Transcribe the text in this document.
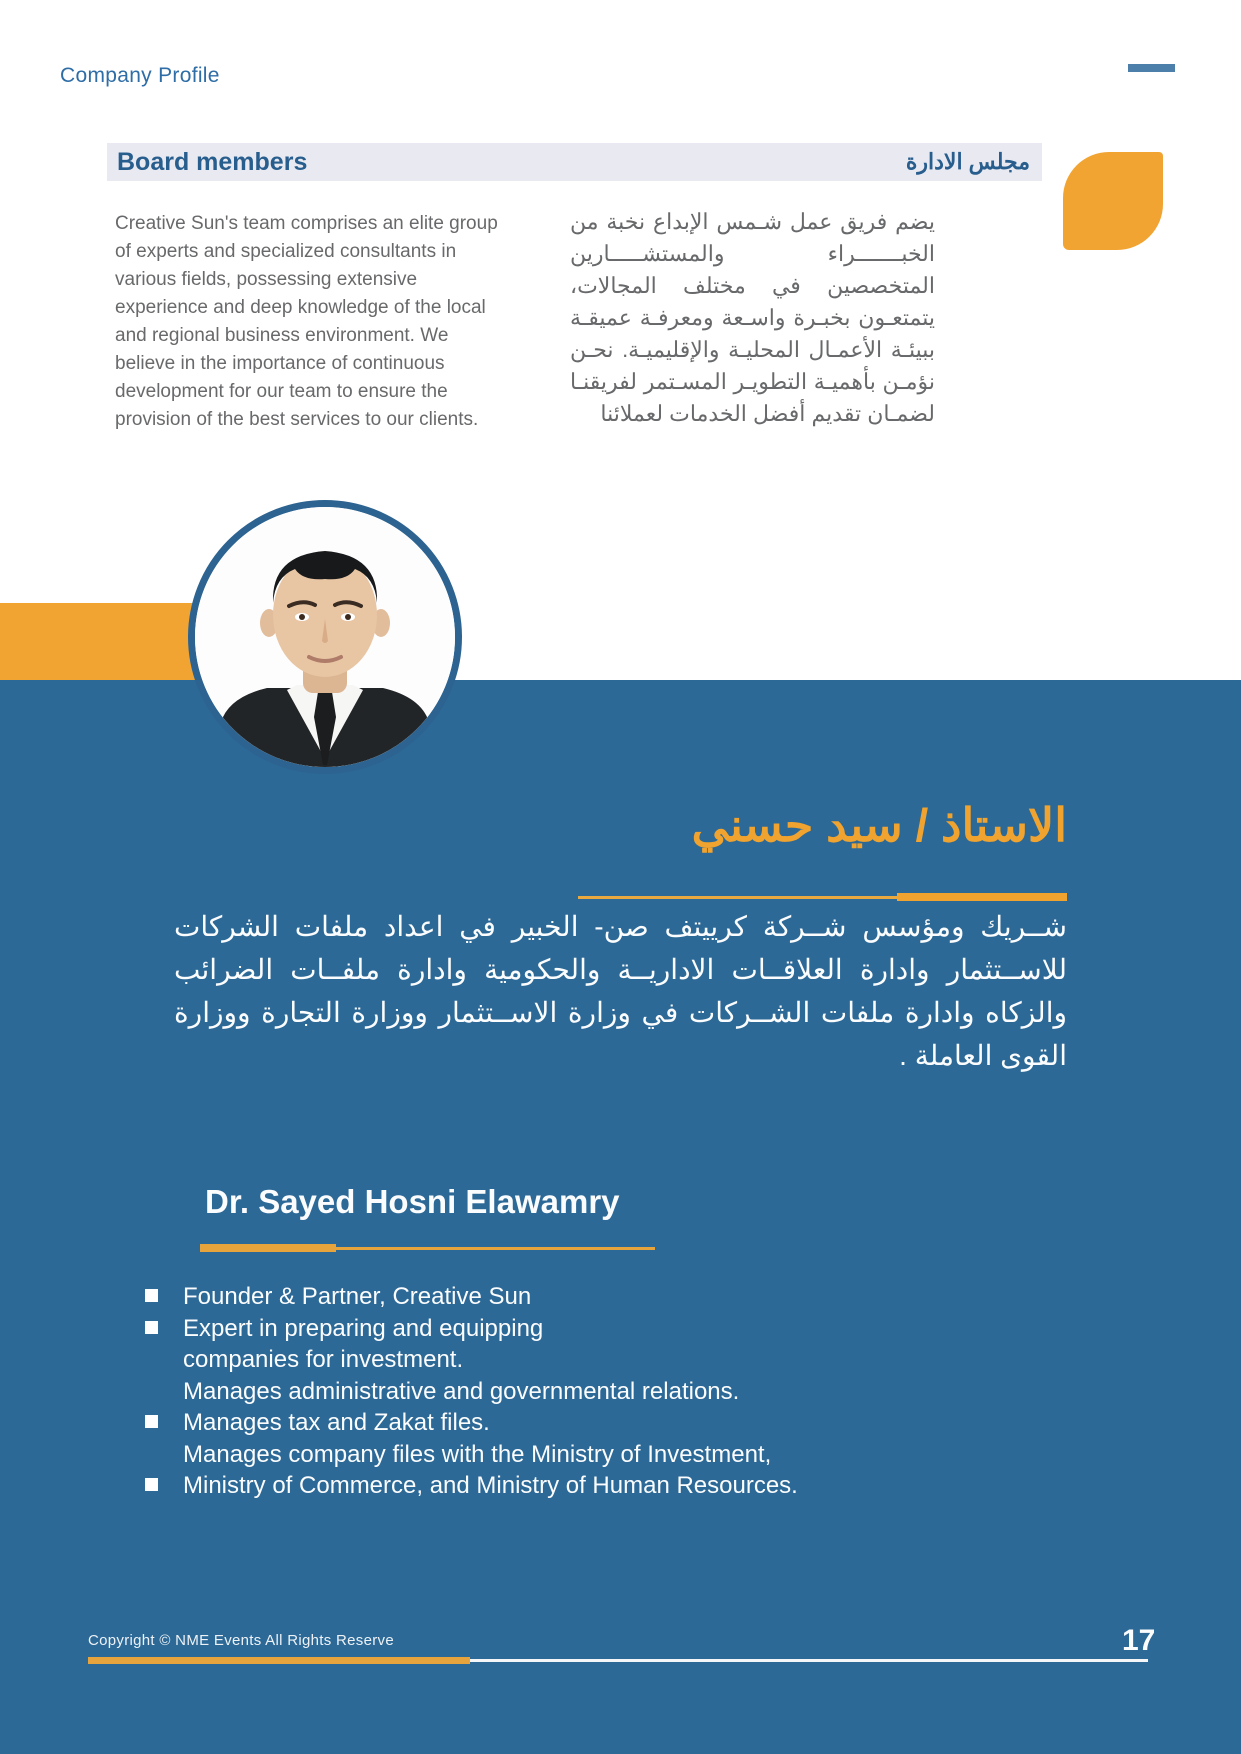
Company Profile
Board members	مجلس الادارة
Creative Sun's team comprises an elite group of experts and specialized consultants in various fields, possessing extensive experience and deep knowledge of the local and regional business environment. We believe in the importance of continuous development for our team to ensure the provision of the best services to our clients.
يضم فريق عمل شـمس الإبداع نخبة من الخبـــــــراء والمستشـــــارين المتخصصين في مختلف المجالات، يتمتعـون بخبـرة واسـعة ومعرفـة عميقـة ببيئـة الأعمـال المحليـة والإقليميـة. نحـن نؤمـن بأهميـة التطويـر المسـتمر لفريقنـا لضمـان تقديم أفضل الخدمات لعملائنا
الاستاذ / سيد حسني
شــريك ومؤسس شــركة كرييتف صن- الخبير في اعداد ملفات الشركات للاســتثمار وادارة العلاقــات الاداريــة والحكومية وادارة ملفــات الضرائب والزكاه وادارة ملفات الشــركات في وزارة الاســتثمار ووزارة التجارة ووزارة القوى العاملة .
Dr. Sayed Hosni Elawamry
Founder & Partner, Creative Sun
Expert in preparing and equipping
companies for investment.
Manages administrative and governmental relations.
Manages tax and Zakat files.
Manages company files with the Ministry of Investment,
Ministry of Commerce, and Ministry of Human Resources.
Copyright © NME Events All Rights Reserve	17
